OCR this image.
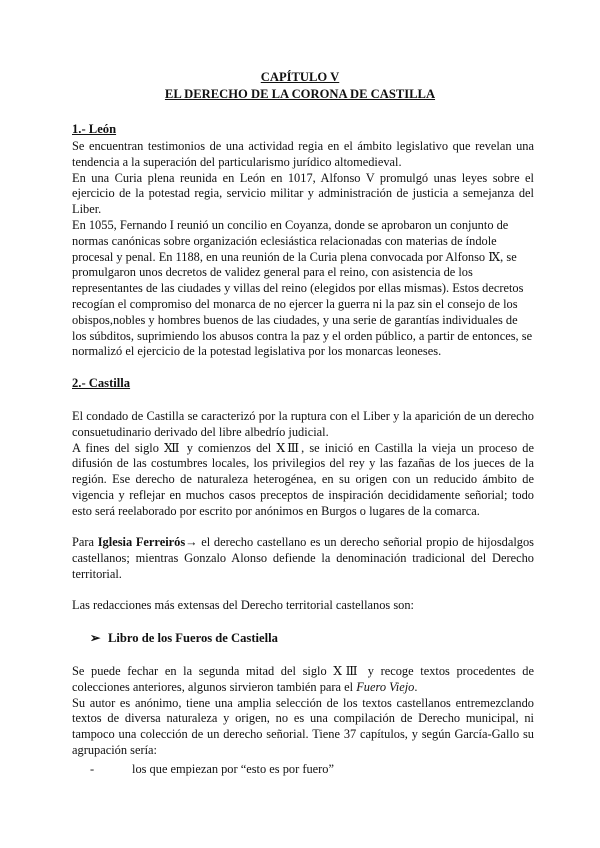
CAPÍTULO V
EL DERECHO DE LA CORONA DE CASTILLA
1.- León

Se encuentran testimonios de una actividad regia en el ámbito legislativo que revelan una tendencia a la superación del particularismo jurídico altomedieval.

En una Curia plena reunida en León en 1017, Alfonso V promulgó unas leyes sobre el ejercicio de la potestad regia, servicio militar y administración de justicia a semejanza del Liber.

En 1055, Fernando I reunió un concilio en Coyanza, donde se aprobaron un conjunto de normas canónicas sobre organización eclesiástica relacionadas con materias de índole procesal y penal. En 1188, en una reunión de la Curia plena convocada por Alfonso Ⅸ, se promulgaron unos decretos de validez general para el reino, con asistencia de los representantes de las ciudades y villas del reino (elegidos por ellas mismas). Estos decretos recogían el compromiso del monarca de no ejercer la guerra ni la paz sin el consejo de los obispos,nobles y hombres buenos de las ciudades, y una serie de garantías individuales de los súbditos, suprimiendo los abusos contra la paz y el orden público, a partir de entonces, se normalizó el ejercicio de la potestad legislativa por los monarcas leoneses.

2.- Castilla

El condado de Castilla se caracterizó por la ruptura con el Liber y la aparición de un derecho consuetudinario derivado del libre albedrío judicial.

A fines del siglo Ⅻ y comienzos del ⅩⅢ, se inició en Castilla la vieja un proceso de difusión de las costumbres locales, los privilegios del rey y las fazañas de los jueces de la región. Ese derecho de naturaleza heterogénea, en su origen con un reducido ámbito de vigencia y reflejar en muchos casos preceptos de inspiración decididamente señorial; todo esto será reelaborado por escrito por anónimos en Burgos o lugares de la comarca.

Para Iglesia Ferreirós→ el derecho castellano es un derecho señorial propio de hijosdalgos castellanos; mientras Gonzalo Alonso defiende la denominación tradicional del Derecho territorial.

Las redacciones más extensas del Derecho territorial castellanos son:

➢ Libro de los Fueros de Castiella

Se puede fechar en la segunda mitad del siglo ⅩⅢ y recoge textos procedentes de colecciones anteriores, algunos sirvieron también para el Fuero Viejo.

Su autor es anónimo, tiene una amplia selección de los textos castellanos entremezclando textos de diversa naturaleza y origen, no es una compilación de Derecho municipal, ni tampoco una colección de un derecho señorial. Tiene 37 capítulos, y según García-Gallo su agrupación sería:

-	los que empiezan por “esto es por fuero”
